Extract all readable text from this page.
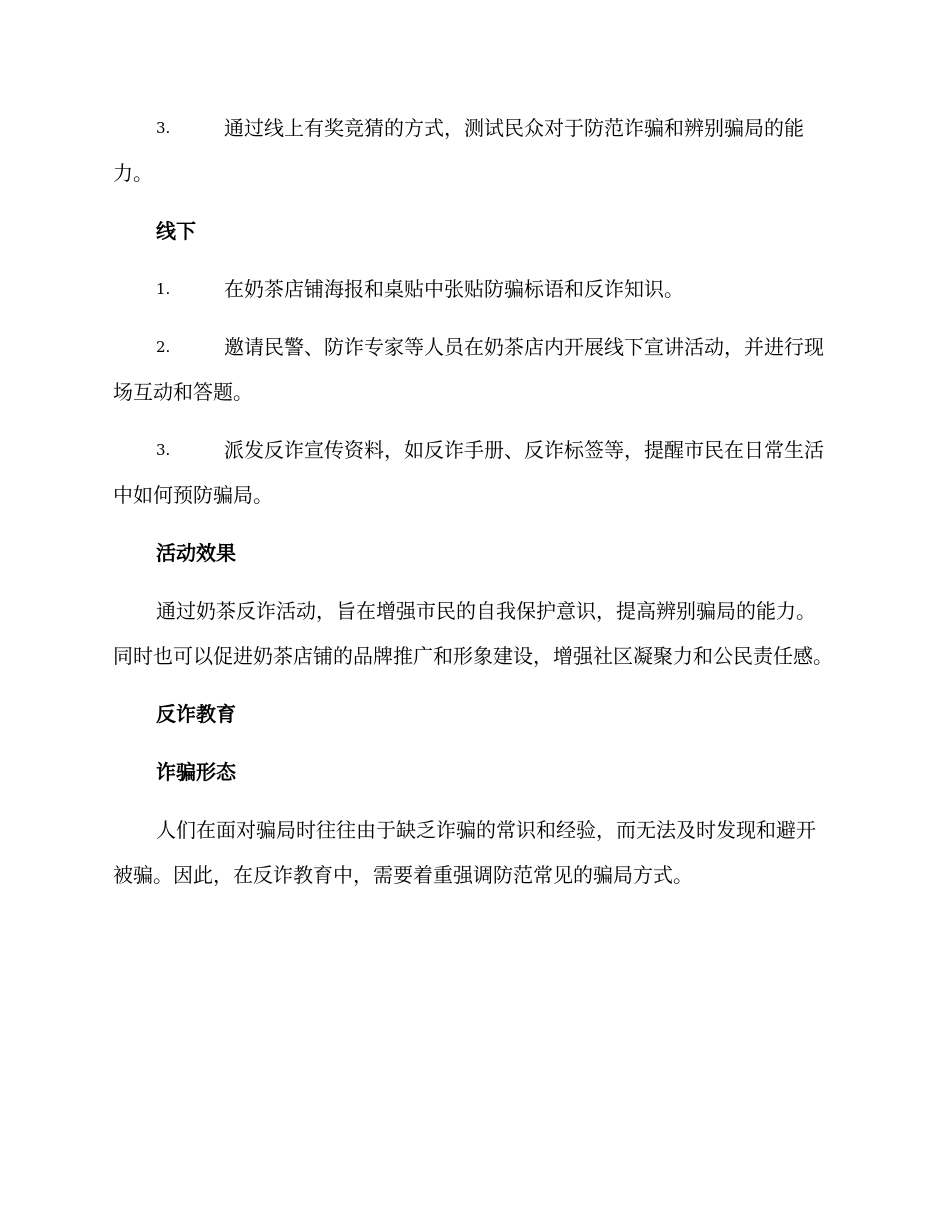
3.	通过线上有奖竞猜的方式，测试民众对于防范诈骗和辨别骗局的能力。
线下
1.	在奶茶店铺海报和桌贴中张贴防骗标语和反诈知识。
2.	邀请民警、防诈专家等人员在奶茶店内开展线下宣讲活动，并进行现场互动和答题。
3.	派发反诈宣传资料，如反诈手册、反诈标签等，提醒市民在日常生活中如何预防骗局。
活动效果
通过奶茶反诈活动，旨在增强市民的自我保护意识，提高辨别骗局的能力。同时也可以促进奶茶店铺的品牌推广和形象建设，增强社区凝聚力和公民责任感。
反诈教育
诈骗形态
人们在面对骗局时往往由于缺乏诈骗的常识和经验，而无法及时发现和避开被骗。因此，在反诈教育中，需要着重强调防范常见的骗局方式。
